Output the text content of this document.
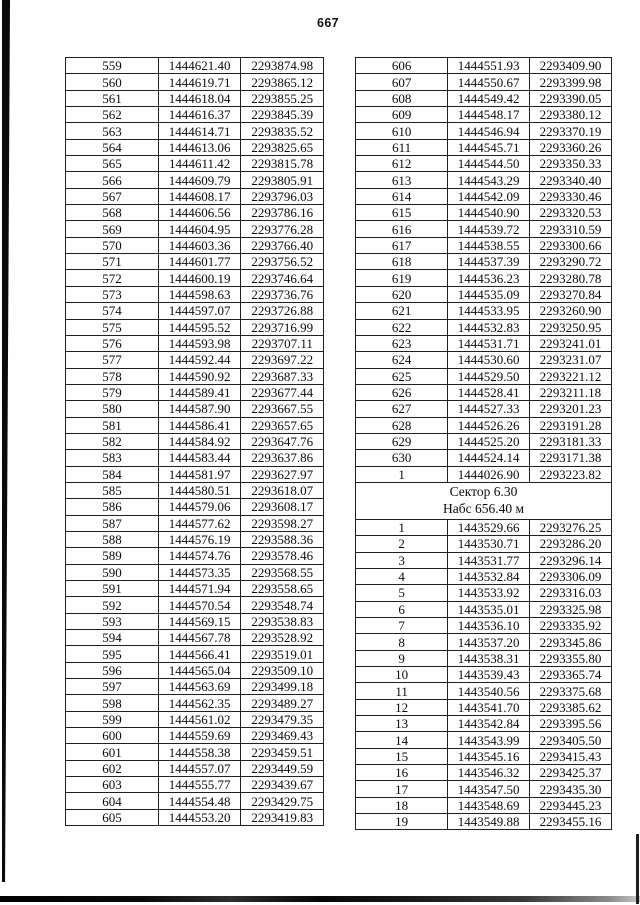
667
559	1444621.40	2293874.98
560	1444619.71	2293865.12
561	1444618.04	2293855.25
562	1444616.37	2293845.39
563	1444614.71	2293835.52
564	1444613.06	2293825.65
565	1444611.42	2293815.78
566	1444609.79	2293805.91
567	1444608.17	2293796.03
568	1444606.56	2293786.16
569	1444604.95	2293776.28
570	1444603.36	2293766.40
571	1444601.77	2293756.52
572	1444600.19	2293746.64
573	1444598.63	2293736.76
574	1444597.07	2293726.88
575	1444595.52	2293716.99
576	1444593.98	2293707.11
577	1444592.44	2293697.22
578	1444590.92	2293687.33
579	1444589.41	2293677.44
580	1444587.90	2293667.55
581	1444586.41	2293657.65
582	1444584.92	2293647.76
583	1444583.44	2293637.86
584	1444581.97	2293627.97
585	1444580.51	2293618.07
586	1444579.06	2293608.17
587	1444577.62	2293598.27
588	1444576.19	2293588.36
589	1444574.76	2293578.46
590	1444573.35	2293568.55
591	1444571.94	2293558.65
592	1444570.54	2293548.74
593	1444569.15	2293538.83
594	1444567.78	2293528.92
595	1444566.41	2293519.01
596	1444565.04	2293509.10
597	1444563.69	2293499.18
598	1444562.35	2293489.27
599	1444561.02	2293479.35
600	1444559.69	2293469.43
601	1444558.38	2293459.51
602	1444557.07	2293449.59
603	1444555.77	2293439.67
604	1444554.48	2293429.75
605	1444553.20	2293419.83
606	1444551.93	2293409.90
607	1444550.67	2293399.98
608	1444549.42	2293390.05
609	1444548.17	2293380.12
610	1444546.94	2293370.19
611	1444545.71	2293360.26
612	1444544.50	2293350.33
613	1444543.29	2293340.40
614	1444542.09	2293330.46
615	1444540.90	2293320.53
616	1444539.72	2293310.59
617	1444538.55	2293300.66
618	1444537.39	2293290.72
619	1444536.23	2293280.78
620	1444535.09	2293270.84
621	1444533.95	2293260.90
622	1444532.83	2293250.95
623	1444531.71	2293241.01
624	1444530.60	2293231.07
625	1444529.50	2293221.12
626	1444528.41	2293211.18
627	1444527.33	2293201.23
628	1444526.26	2293191.28
629	1444525.20	2293181.33
630	1444524.14	2293171.38
1	1444026.90	2293223.82

Сектор 6.30
Набс 656.40 м		

1	1443529.66	2293276.25
2	1443530.71	2293286.20
3	1443531.77	2293296.14
4	1443532.84	2293306.09
5	1443533.92	2293316.03
6	1443535.01	2293325.98
7	1443536.10	2293335.92
8	1443537.20	2293345.86
9	1443538.31	2293355.80
10	1443539.43	2293365.74
11	1443540.56	2293375.68
12	1443541.70	2293385.62
13	1443542.84	2293395.56
14	1443543.99	2293405.50
15	1443545.16	2293415.43
16	1443546.32	2293425.37
17	1443547.50	2293435.30
18	1443548.69	2293445.23
19	1443549.88	2293455.16
